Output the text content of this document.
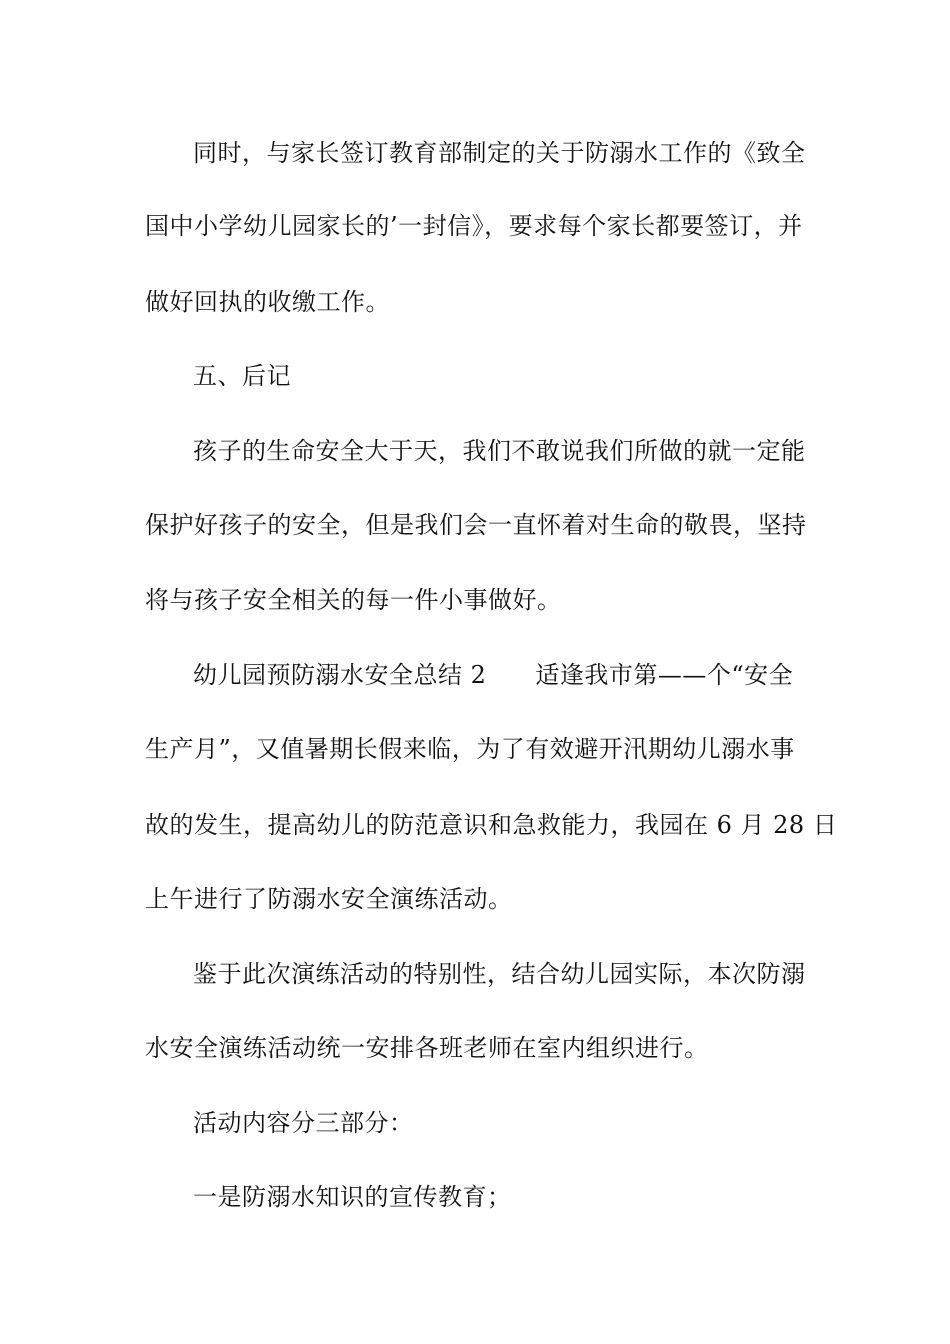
同时，与家长签订教育部制定的关于防溺水工作的《致全
国中小学幼儿园家长的’一封信》，要求每个家长都要签订，并
做好回执的收缴工作。
五、后记
孩子的生命安全大于天，我们不敢说我们所做的就一定能
保护好孩子的安全，但是我们会一直怀着对生命的敬畏，坚持
将与孩子安全相关的每一件小事做好。
幼儿园预防溺水安全总结 2　　适逢我市第——个“安全
生产月”，又值暑期长假来临，为了有效避开汛期幼儿溺水事
故的发生，提高幼儿的防范意识和急救能力，我园在 6 月 28 日
上午进行了防溺水安全演练活动。
鉴于此次演练活动的特别性，结合幼儿园实际，本次防溺
水安全演练活动统一安排各班老师在室内组织进行。
活动内容分三部分：
一是防溺水知识的宣传教育；
